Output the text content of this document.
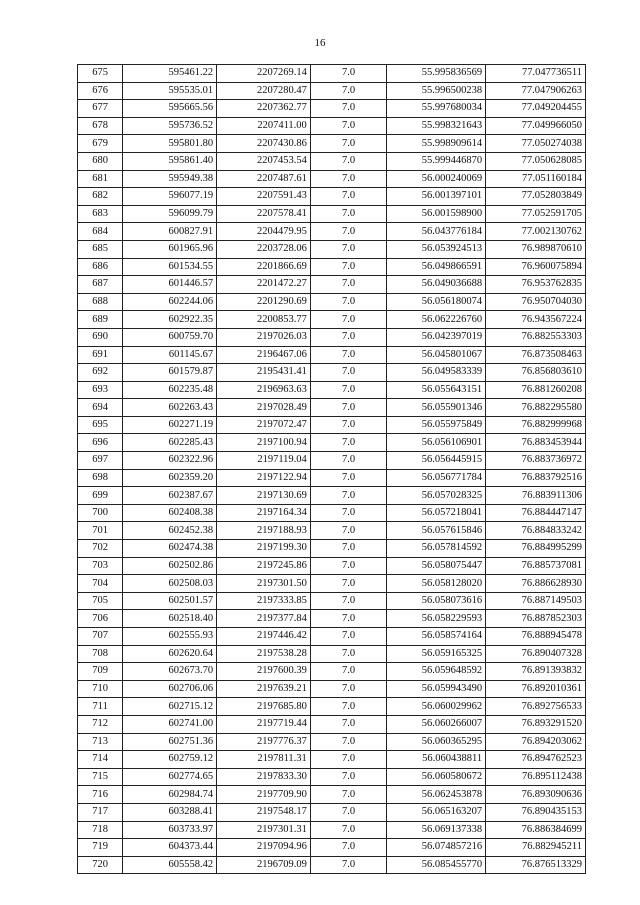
16
675	595461.22	2207269.14	7.0	55.995836569	77.047736511
676	595535.01	2207280.47	7.0	55.996500238	77.047906263
677	595665.56	2207362.77	7.0	55.997680034	77.049204455
678	595736.52	2207411.00	7.0	55.998321643	77.049966050
679	595801.80	2207430.86	7.0	55.998909614	77.050274038
680	595861.40	2207453.54	7.0	55.999446870	77.050628085
681	595949.38	2207487.61	7.0	56.000240069	77.051160184
682	596077.19	2207591.43	7.0	56.001397101	77.052803849
683	596099.79	2207578.41	7.0	56.001598900	77.052591705
684	600827.91	2204479.95	7.0	56.043776184	77.002130762
685	601965.96	2203728.06	7.0	56.053924513	76.989870610
686	601534.55	2201866.69	7.0	56.049866591	76.960075894
687	601446.57	2201472.27	7.0	56.049036688	76.953762835
688	602244.06	2201290.69	7.0	56.056180074	76.950704030
689	602922.35	2200853.77	7.0	56.062226760	76.943567224
690	600759.70	2197026.03	7.0	56.042397019	76.882553303
691	601145.67	2196467.06	7.0	56.045801067	76.873508463
692	601579.87	2195431.41	7.0	56.049583339	76.856803610
693	602235.48	2196963.63	7.0	56.055643151	76.881260208
694	602263.43	2197028.49	7.0	56.055901346	76.882295580
695	602271.19	2197072.47	7.0	56.055975849	76.882999968
696	602285.43	2197100.94	7.0	56.056106901	76.883453944
697	602322.96	2197119.04	7.0	56.056445915	76.883736972
698	602359.20	2197122.94	7.0	56.056771784	76.883792516
699	602387.67	2197130.69	7.0	56.057028325	76.883911306
700	602408.38	2197164.34	7.0	56.057218041	76.884447147
701	602452.38	2197188.93	7.0	56.057615846	76.884833242
702	602474.38	2197199.30	7.0	56.057814592	76.884995299
703	602502.86	2197245.86	7.0	56.058075447	76.885737081
704	602508.03	2197301.50	7.0	56.058128020	76.886628930
705	602501.57	2197333.85	7.0	56.058073616	76.887149503
706	602518.40	2197377.84	7.0	56.058229593	76.887852303
707	602555.93	2197446.42	7.0	56.058574164	76.888945478
708	602620.64	2197538.28	7.0	56.059165325	76.890407328
709	602673.70	2197600.39	7.0	56.059648592	76.891393832
710	602706.06	2197639.21	7.0	56.059943490	76.892010361
711	602715.12	2197685.80	7.0	56.060029962	76.892756533
712	602741.00	2197719.44	7.0	56.060266007	76.893291520
713	602751.36	2197776.37	7.0	56.060365295	76.894203062
714	602759.12	2197811.31	7.0	56.060438811	76.894762523
715	602774.65	2197833.30	7.0	56.060580672	76.895112438
716	602984.74	2197709.90	7.0	56.062453878	76.893090636
717	603288.41	2197548.17	7.0	56.065163207	76.890435153
718	603733.97	2197301.31	7.0	56.069137338	76.886384699
719	604373.44	2197094.96	7.0	56.074857216	76.882945211
720	605558.42	2196709.09	7.0	56.085455770	76.876513329
